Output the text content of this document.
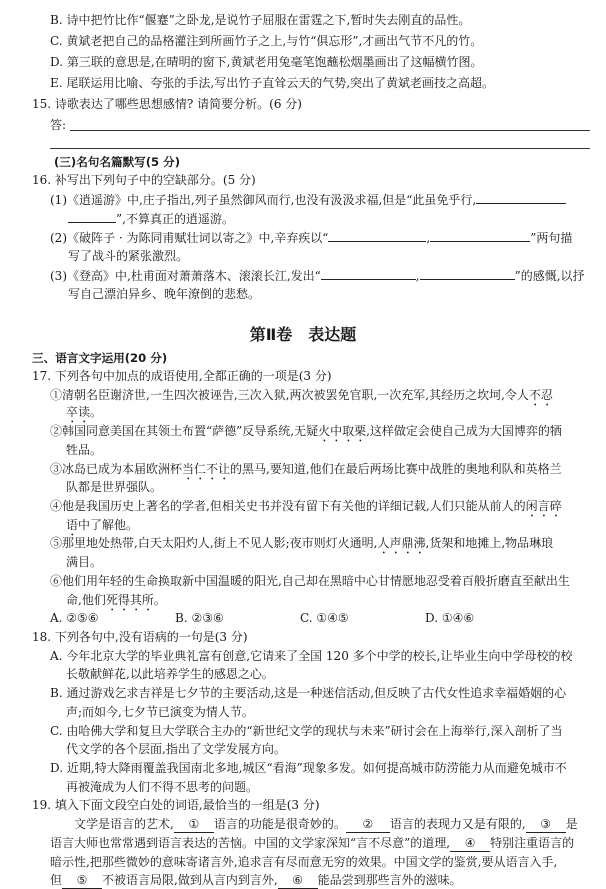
B. 诗中把竹比作“偃蹇”之卧龙,是说竹子屈服在雷霆之下,暂时失去刚直的品性。
C. 黄斌老把自己的品格灌注到所画竹子之上,与竹“俱忘形”,才画出气节不凡的竹。
D. 第三联的意思是,在晴明的窗下,黄斌老用兔毫笔饱蘸松烟墨画出了这幅横竹图。
E. 尾联运用比喻、夸张的手法,写出竹子直耸云天的气势,突出了黄斌老画技之高超。
15. 诗歌表达了哪些思想感情? 请简要分析。(6 分)
答:
(三)名句名篇默写(5 分)
16. 补写出下列句子中的空缺部分。(5 分)
(1)《逍遥游》中,庄子指出,列子虽然御风而行,也没有汲汲求福,但是“此虽免乎行,
”,不算真正的逍遥游。
(2)《破阵子 · 为陈同甫赋壮词以寄之》中,辛弃疾以“	,	”两句描
写了战斗的紧张激烈。
(3)《登高》中,杜甫面对萧萧落木、滚滚长江,发出“	,	”的感慨,以抒
写自己漂泊异乡、晚年潦倒的悲愁。
第Ⅱ卷　表达题
三、语言文字运用(20 分)
17. 下列各句中加点的成语使用,全都正确的一项是(3 分)
①清朝名臣谢济世,一生四次被诬告,三次入狱,两次被罢免官职,一次充军,其经历之坎坷,令人不忍
卒读。
②韩国同意美国在其领土布置“萨德”反导系统,无疑火中取栗,这样做定会使自己成为大国博弈的牺
牲品。
③冰岛已成为本届欧洲杯当仁不让的黑马,要知道,他们在最后两场比赛中战胜的奥地利队和英格兰
队都是世界强队。
④他是我国历史上著名的学者,但相关史书并没有留下有关他的详细记载,人们只能从前人的闲言碎
语中了解他。
⑤那里地处热带,白天太阳灼人,街上不见人影;夜市则灯火通明,人声鼎沸,货架和地摊上,物品琳琅
满目。
⑥他们用年轻的生命换取新中国温暖的阳光,自己却在黑暗中心甘情愿地忍受着百般折磨直至献出生
命,他们死得其所。
A. ②⑤⑥	B. ②③⑥	C. ①④⑤	D. ①④⑥
18. 下列各句中,没有语病的一句是(3 分)
A. 今年北京大学的毕业典礼富有创意,它请来了全国 120 多个中学的校长,让毕业生向中学母校的校
长敬献鲜花,以此培养学生的感恩之心。
B. 通过游戏乞求吉祥是七夕节的主要活动,这是一种迷信活动,但反映了古代女性追求幸福婚姻的心
声;而如今,七夕节已演变为情人节。
C. 由哈佛大学和复旦大学联合主办的“新世纪文学的现状与未来”研讨会在上海举行,深入剖析了当
代文学的各个层面,指出了文学发展方向。
D. 近期,特大降雨覆盖我国南北多地,城区“看海”现象多发。如何提高城市防涝能力从而避免城市不
再被淹成为人们不得不思考的问题。
19. 填入下面文段空白处的词语,最恰当的一组是(3 分)
文学是语言的艺术, ① 语言的功能是很奇妙的。 ② 语言的表现力又是有限的, ③ 是
语言大师也常常遇到语言表达的苦恼。中国的文学家深知“言不尽意”的道理, ④ 特别注重语言的
暗示性,把那些微妙的意味寄诸言外,追求言有尽而意无穷的效果。中国文学的鉴赏,要从语言入手,
但 ⑤ 不被语言局限,做到从言内到言外, ⑥ 能品尝到那些言外的滋味。
